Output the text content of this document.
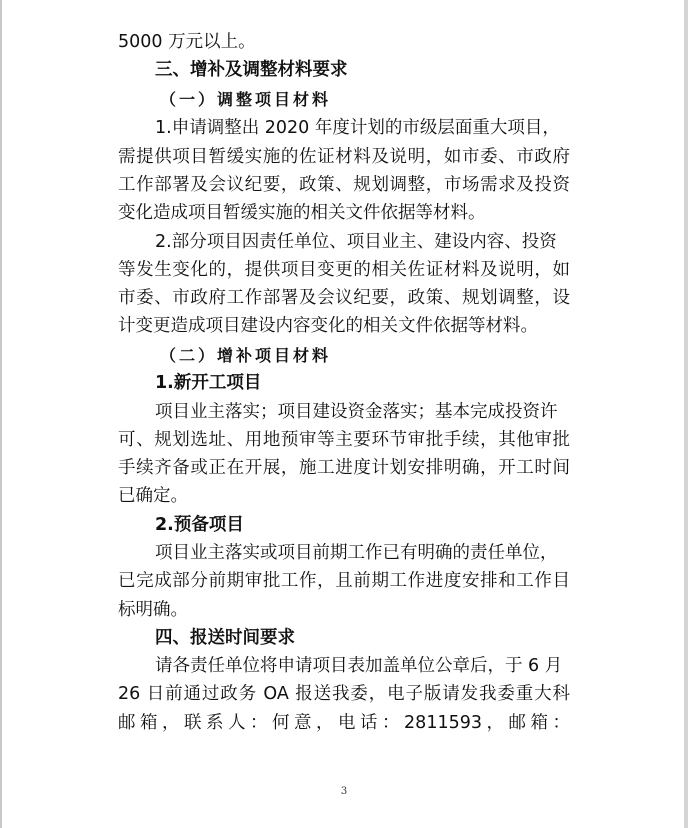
5000 万元以上。
三、增补及调整材料要求
（一）调整项目材料
1.申请调整出 2020 年度计划的市级层面重大项目，
需提供项目暂缓实施的佐证材料及说明，如市委、市政府
工作部署及会议纪要，政策、规划调整，市场需求及投资
变化造成项目暂缓实施的相关文件依据等材料。
2.部分项目因责任单位、项目业主、建设内容、投资
等发生变化的，提供项目变更的相关佐证材料及说明，如
市委、市政府工作部署及会议纪要，政策、规划调整，设
计变更造成项目建设内容变化的相关文件依据等材料。
（二）增补项目材料
1.新开工项目
项目业主落实；项目建设资金落实；基本完成投资许
可、规划选址、用地预审等主要环节审批手续，其他审批
手续齐备或正在开展，施工进度计划安排明确，开工时间
已确定。
2.预备项目
项目业主落实或项目前期工作已有明确的责任单位，
已完成部分前期审批工作，且前期工作进度安排和工作目
标明确。
四、报送时间要求
请各责任单位将申请项目表加盖单位公章后，于 6 月
26 日前通过政务 OA 报送我委，电子版请发我委重大科
邮箱，联系人：何意，电话：2811593，邮箱：
3
